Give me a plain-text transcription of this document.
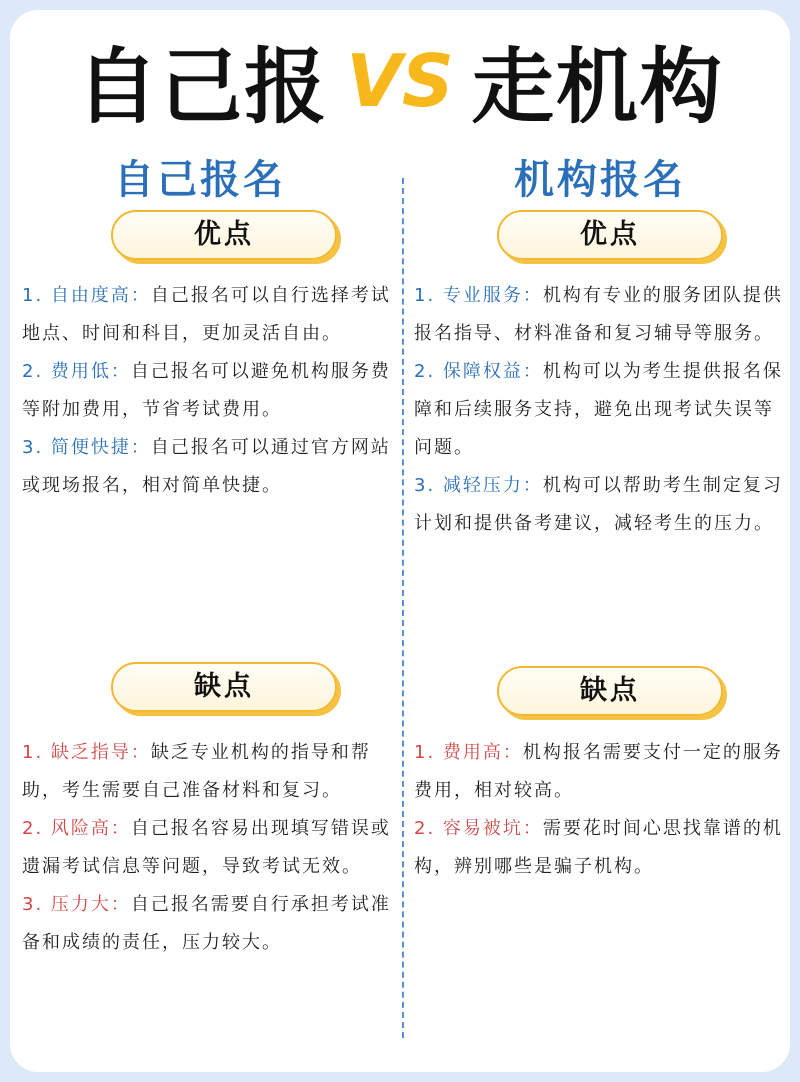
自己报 VS 走机构
自己报名	机构报名
优点
1. 自由度高：自己报名可以自行选择考试地点、时间和科目，更加灵活自由。
2. 费用低：自己报名可以避免机构服务费等附加费用，节省考试费用。
3. 简便快捷：自己报名可以通过官方网站或现场报名，相对简单快捷。
优点
1. 专业服务：机构有专业的服务团队提供报名指导、材料准备和复习辅导等服务。
2. 保障权益：机构可以为考生提供报名保障和后续服务支持，避免出现考试失误等问题。
3. 减轻压力：机构可以帮助考生制定复习计划和提供备考建议，减轻考生的压力。
缺点
1. 缺乏指导：缺乏专业机构的指导和帮助，考生需要自己准备材料和复习。
2. 风险高：自己报名容易出现填写错误或遗漏考试信息等问题，导致考试无效。
3. 压力大：自己报名需要自行承担考试准备和成绩的责任，压力较大。
缺点
1. 费用高：机构报名需要支付一定的服务费用，相对较高。
2. 容易被坑：需要花时间心思找靠谱的机构，辨别哪些是骗子机构。
